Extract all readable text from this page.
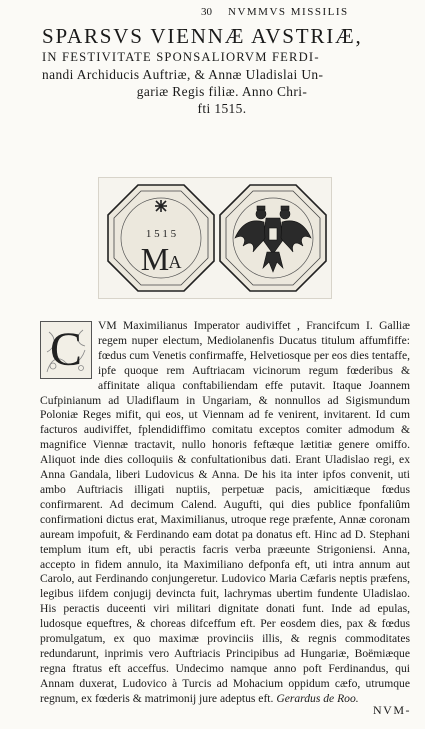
30 NVMMVS MISSILIS
SPARSVS VIENNÆ AVSTRIÆ,
IN FESTIVITATE SPONSALIORVM FERDI-
nandi Archiducis Auftriæ, & Annæ Uladislai Un-
gariæ Regis filiæ. Anno Chri-
fti 1515.
1 5 1 5
M A
C	VM Maximilianus Imperator audiviffet , Francifcum I. Galliæ regem nuper electum, Mediolanenfis Ducatus titulum affumfiffe: fœdus cum Venetis confirmaffe, Helvetiosque per eos dies tentaffe, ipfe quoque rem Auftriacam vicinorum regum fœderibus & affinitate aliqua conftabiliendam effe putavit. Itaque Joannem Cufpinianum ad Uladiflaum in Ungariam, & nonnullos ad Sigismundum Poloniæ Reges mifit, qui eos, ut Viennam ad fe venirent, invitarent. Id cum facturos audiviffet, fplendidiffimo comitatu exceptos comiter admodum & magnifice Viennæ tractavit, nullo honoris feftæque lætitiæ genere omiffo. Aliquot inde dies colloquiis & confultationibus dati. Erant Uladislao regi, ex Anna Gandala, liberi Ludovicus & Anna. De his ita inter ipfos convenit, uti ambo Auftriacis illigati nuptiis, perpetuæ pacis, amicitiæque fœdus confirmarent. Ad decimum Calend. Augufti, qui dies publice fponfaliûm confirmationi dictus erat, Maximilianus, utroque rege præfente, Annæ coronam auream impofuit, & Ferdinando eam dotat pa donatus eft. Hinc ad D. Stephani templum itum eft, ubi peractis facris verba præeunte Strigoniensi. Anna, accepto in fidem annulo, ita Maximiliano defponfa eft, uti intra annum aut Carolo, aut Ferdinando conjungeretur. Ludovico Maria Cæfaris neptis præfens, legibus iifdem conjugij devincta fuit, lachrymas ubertim fundente Uladislao. His peractis duceenti viri militari dignitate donati funt. Inde ad epulas, ludosque equeftres, & choreas difceffum eft. Per eosdem dies, pax & fœdus promulgatum, ex quo maximæ provinciis illis, & regnis commoditates redundarunt, inprimis vero Auftriacis Principibus ad Hungariæ, Boëmiæque regna ftratus eft acceffus. Undecimo namque anno poft Ferdinandus, qui Annam duxerat, Ludovico à Turcis ad Mohacium oppidum cæfo, utrumque regnum, ex fœderis & matrimonij jure adeptus eft. Gerardus de Roo.

NVM-
